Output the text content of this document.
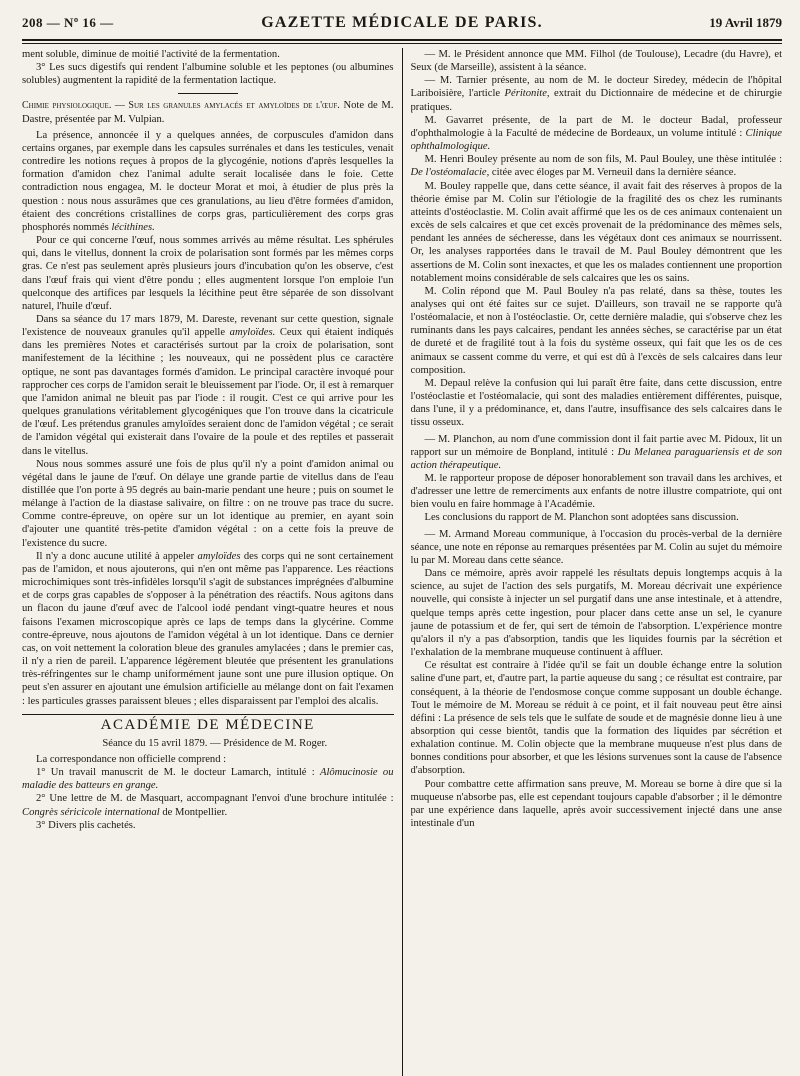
208 — Nº 16 —	GAZETTE MÉDICALE DE PARIS.	19 Avril 1879

ment soluble, diminue de moitié l'activité de la fermentation.

3° Les sucs digestifs qui rendent l'albumine soluble et les peptones (ou albumines solubles) augmentent la rapidité de la fermentation lactique.

Chimie physiologique. — Sur les granules amylacés et amyloïdes de l'œuf. Note de M. Dastre, présentée par M. Vulpian.

La présence, annoncée il y a quelques années, de corpuscules d'amidon dans certains organes, par exemple dans les capsules surrénales et dans les testicules, venait contredire les notions reçues à propos de la glycogénie, notions d'après lesquelles la formation d'amidon chez l'animal adulte serait localisée dans le foie. Cette contradiction nous engagea, M. le docteur Morat et moi, à étudier de plus près la question : nous nous assurâmes que ces granulations, au lieu d'être formées d'amidon, étaient des concrétions cristallines de corps gras, particulièrement des corps gras phosphorés nommés lécithines.

Pour ce qui concerne l'œuf, nous sommes arrivés au même résultat. Les sphérules qui, dans le vitellus, donnent la croix de polarisation sont formés par les mêmes corps gras. Ce n'est pas seulement après plusieurs jours d'incubation qu'on les observe, c'est dans l'œuf frais qui vient d'être pondu ; elles augmentent lorsque l'on emploie l'un quelconque des artifices par lesquels la lécithine peut être séparée de son dissolvant naturel, l'huile d'œuf.

Dans sa séance du 17 mars 1879, M. Dareste, revenant sur cette question, signale l'existence de nouveaux granules qu'il appelle amyloïdes. Ceux qui étaient indiqués dans les premières Notes et caractérisés surtout par la croix de polarisation, sont manifestement de la lécithine ; les nouveaux, qui ne possèdent plus ce caractère optique, ne sont pas davantages formés d'amidon. Le principal caractère invoqué pour rapprocher ces corps de l'amidon serait le bleuissement par l'iode. Or, il est à remarquer que l'amidon animal ne bleuit pas par l'iode : il rougit. C'est ce qui arrive pour les quelques granulations véritablement glycogéniques que l'on trouve dans la cicatricule de l'œuf. Les prétendus granules amyloïdes seraient donc de l'amidon végétal ; ce serait de l'amidon végétal qui existerait dans l'ovaire de la poule et des reptiles et passerait dans le vitellus.

Nous nous sommes assuré une fois de plus qu'il n'y a point d'amidon animal ou végétal dans le jaune de l'œuf. On délaye une grande partie de vitellus dans de l'eau distillée que l'on porte à 95 degrés au bain-marie pendant une heure ; puis on soumet le mélange à l'action de la diastase salivaire, on filtre : on ne trouve pas trace du sucre. Comme contre-épreuve, on opère sur un lot identique au premier, en ayant soin d'ajouter une quantité très-petite d'amidon végétal : on a cette fois la preuve de l'existence du sucre.

Il n'y a donc aucune utilité à appeler amyloïdes des corps qui ne sont certainement pas de l'amidon, et nous ajouterons, qui n'en ont même pas l'apparence. Les réactions microchimiques sont très-infidèles lorsqu'il s'agit de substances imprégnées d'albumine et de corps gras capables de s'opposer à la pénétration des réactifs. Nous agitons dans un flacon du jaune d'œuf avec de l'alcool iodé pendant vingt-quatre heures et nous faisons l'examen microscopique après ce laps de temps dans la glycérine. Comme contre-épreuve, nous ajoutons de l'amidon végétal à un lot identique. Dans ce dernier cas, on voit nettement la coloration bleue des granules amylacées ; dans le premier cas, il n'y a rien de pareil. L'apparence légèrement bleutée que présentent les granulations très-réfringentes sur le champ uniformément jaune sont une pure illusion optique. On peut s'en assurer en ajoutant une émulsion artificielle au mélange dont on fait l'examen : les particules grasses paraissent bleues ; elles disparaissent par l'emploi des alcalis.

ACADÉMIE DE MÉDECINE

Séance du 15 avril 1879. — Présidence de M. Roger.

La correspondance non officielle comprend :

1° Un travail manuscrit de M. le docteur Lamarch, intitulé : Alômucinosie ou maladie des batteurs en grange.

2° Une lettre de M. de Masquart, accompagnant l'envoi d'une brochure intitulée : Congrès séricicole international de Montpellier.

3° Divers plis cachetés.

— M. le Président annonce que MM. Filhol (de Toulouse), Lecadre (du Havre), et Seux (de Marseille), assistent à la séance.

— M. Tarnier présente, au nom de M. le docteur Siredey, médecin de l'hôpital Lariboisière, l'article Péritonite, extrait du Dictionnaire de médecine et de chirurgie pratiques.

M. Gavarret présente, de la part de M. le docteur Badal, professeur d'ophthalmologie à la Faculté de médecine de Bordeaux, un volume intitulé : Clinique ophthalmologique.

M. Henri Bouley présente au nom de son fils, M. Paul Bouley, une thèse intitulée : De l'ostéomalacie, citée avec éloges par M. Verneuil dans la dernière séance.

M. Bouley rappelle que, dans cette séance, il avait fait des réserves à propos de la théorie émise par M. Colin sur l'étiologie de la fragilité des os chez les ruminants atteints d'ostéoclastie. M. Colin avait affirmé que les os de ces animaux contenaient un excès de sels calcaires et que cet excès provenait de la prédominance des mêmes sels, pendant les années de sécheresse, dans les végétaux dont ces animaux se nourrissent. Or, les analyses rapportées dans le travail de M. Paul Bouley démontrent que les assertions de M. Colin sont inexactes, et que les os malades contiennent une proportion notablement moins considérable de sels calcaires que les os sains.

M. Colin répond que M. Paul Bouley n'a pas relaté, dans sa thèse, toutes les analyses qui ont été faites sur ce sujet. D'ailleurs, son travail ne se rapporte qu'à l'ostéomalacie, et non à l'ostéoclastie. Or, cette dernière maladie, qui s'observe chez les ruminants dans les pays calcaires, pendant les années sèches, se caractérise par un état de dureté et de fragilité tout à la fois du système osseux, qui fait que les os de ces animaux se cassent comme du verre, et qui est dû à l'excès de sels calcaires dans leur composition.

M. Depaul relève la confusion qui lui paraît être faite, dans cette discussion, entre l'ostéoclastie et l'ostéomalacie, qui sont des maladies entièrement différentes, puisque, dans l'une, il y a prédominance, et, dans l'autre, insuffisance des sels calcaires dans le tissu osseux.

— M. Planchon, au nom d'une commission dont il fait partie avec M. Pidoux, lit un rapport sur un mémoire de Bonpland, intitulé : Du Melanea paraguariensis et de son action thérapeutique.

M. le rapporteur propose de déposer honorablement son travail dans les archives, et d'adresser une lettre de remerciments aux enfants de notre illustre compatriote, qui ont bien voulu en faire hommage à l'Académie.

Les conclusions du rapport de M. Planchon sont adoptées sans discussion.

— M. Armand Moreau communique, à l'occasion du procès-verbal de la dernière séance, une note en réponse au remarques présentées par M. Colin au sujet du mémoire lu par M. Moreau dans cette séance.

Dans ce mémoire, après avoir rappelé les résultats depuis longtemps acquis à la science, au sujet de l'action des sels purgatifs, M. Moreau décrivait une expérience nouvelle, qui consiste à injecter un sel purgatif dans une anse intestinale, et à attendre, quelque temps après cette ingestion, pour placer dans cette anse un sel, le cyanure jaune de potassium et de fer, qui sert de témoin de l'absorption. L'expérience montre qu'alors il n'y a pas d'absorption, tandis que les liquides fournis par la sécrétion et l'exhalation de la membrane muqueuse continuent à affluer.

Ce résultat est contraire à l'idée qu'il se fait un double échange entre la solution saline d'une part, et, d'autre part, la partie aqueuse du sang ; ce résultat est contraire, par conséquent, à la théorie de l'endosmose conçue comme supposant un double échange. Tout le mémoire de M. Moreau se réduit à ce point, et il fait nouveau peut être ainsi défini : La présence de sels tels que le sulfate de soude et de magnésie donne lieu à une absorption qui cesse bientôt, tandis que la formation des liquides par sécrétion et exhalation continue. M. Colin objecte que la membrane muqueuse n'est plus dans de bonnes conditions pour absorber, et que les lésions survenues sont la cause de l'absence d'absorption.

Pour combattre cette affirmation sans preuve, M. Moreau se borne à dire que si la muqueuse n'absorbe pas, elle est cependant toujours capable d'absorber ; il le démontre par une expérience dans laquelle, après avoir successivement injecté dans une anse intestinale d'un
